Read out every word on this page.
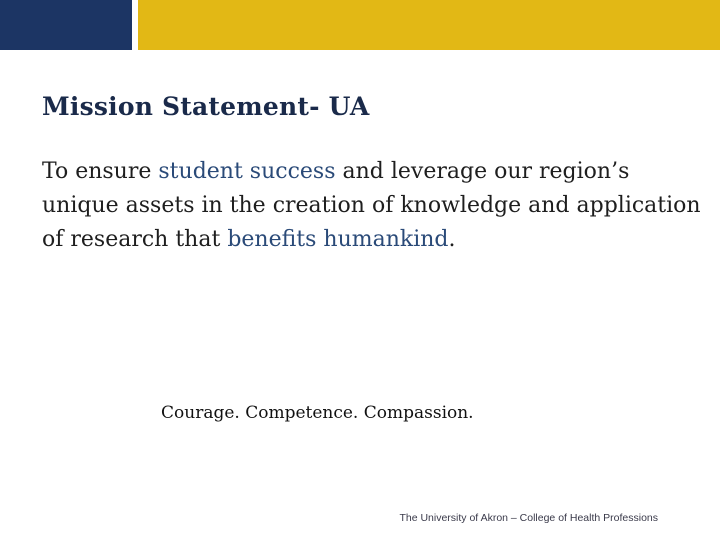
Mission Statement- UA
To ensure student success and leverage our region’s unique assets in the creation of knowledge and application of research that benefits humankind.
Courage. Competence. Compassion.
The University of Akron – College of Health Professions
